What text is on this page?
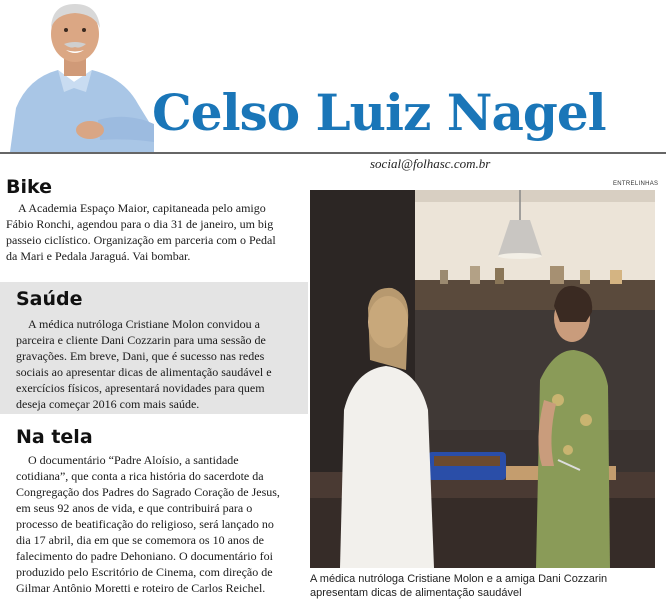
Celso Luiz Nagel
social@folhasc.com.br
ENTRELINHAS
Bike
A Academia Espaço Maior, capitaneada pelo amigo
Fábio Ronchi, agendou para o dia 31 de janeiro, um big
passeio ciclístico. Organização em parceria com o Pedal
da Mari e Pedala Jaraguá. Vai bombar.
Saúde
A médica nutróloga Cristiane Molon convidou a
parceira e cliente Dani Cozzarin para uma sessão de
gravações. Em breve, Dani, que é sucesso nas redes
sociais ao apresentar dicas de alimentação saudável e
exercícios físicos, apresentará novidades para quem
deseja começar 2016 com mais saúde.
Na tela
O documentário “Padre Aloísio, a santidade
cotidiana”, que conta a rica história do sacerdote da
Congregação dos Padres do Sagrado Coração de Jesus,
em seus 92 anos de vida, e que contribuirá para o
processo de beatificação do religioso, será lançado no
dia 17 abril, dia em que se comemora os 10 anos de
falecimento do padre Dehoniano. O documentário foi
produzido pelo Escritório de Cinema, com direção de
Gilmar Antônio Moretti e roteiro de Carlos Reichel.
A médica nutróloga Cristiane Molon e a amiga Dani Cozzarin apresentam dicas de alimentação saudável
